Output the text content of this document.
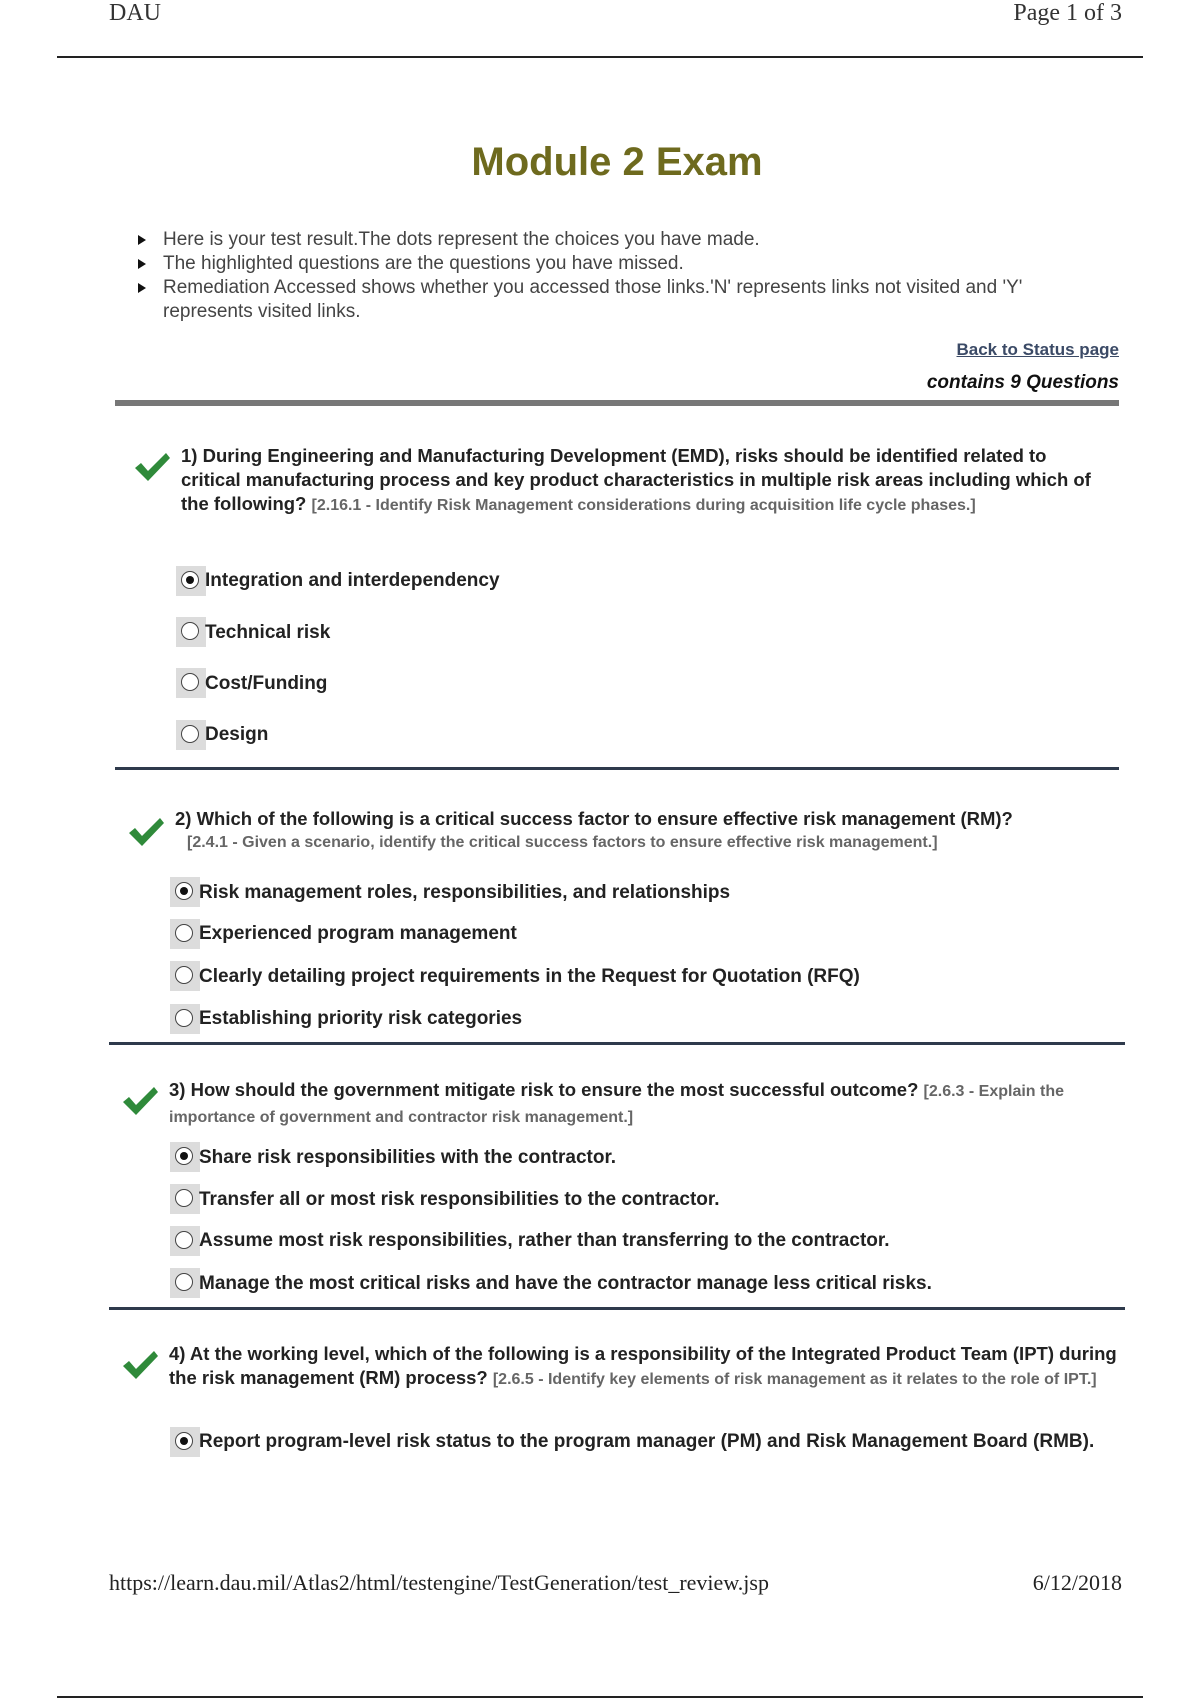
DAU	Page 1 of 3
Module 2 Exam
Here is your test result.The dots represent the choices you have made.
The highlighted questions are the questions you have missed.
Remediation Accessed shows whether you accessed those links.'N' represents links not visited and 'Y' represents visited links.
Back to Status page
contains 9 Questions
1) During Engineering and Manufacturing Development (EMD), risks should be identified related to critical manufacturing process and key product characteristics in multiple risk areas including which of the following? [2.16.1 - Identify Risk Management considerations during acquisition life cycle phases.]
Integration and interdependency
Technical risk
Cost/Funding
Design
2) Which of the following is a critical success factor to ensure effective risk management (RM)?
[2.4.1 - Given a scenario, identify the critical success factors to ensure effective risk management.]
Risk management roles, responsibilities, and relationships
Experienced program management
Clearly detailing project requirements in the Request for Quotation (RFQ)
Establishing priority risk categories
3) How should the government mitigate risk to ensure the most successful outcome? [2.6.3 - Explain the importance of government and contractor risk management.]
Share risk responsibilities with the contractor.
Transfer all or most risk responsibilities to the contractor.
Assume most risk responsibilities, rather than transferring to the contractor.
Manage the most critical risks and have the contractor manage less critical risks.
4) At the working level, which of the following is a responsibility of the Integrated Product Team (IPT) during the risk management (RM) process? [2.6.5 - Identify key elements of risk management as it relates to the role of IPT.]
Report program-level risk status to the program manager (PM) and Risk Management Board (RMB).
https://learn.dau.mil/Atlas2/html/testengine/TestGeneration/test_review.jsp	6/12/2018
